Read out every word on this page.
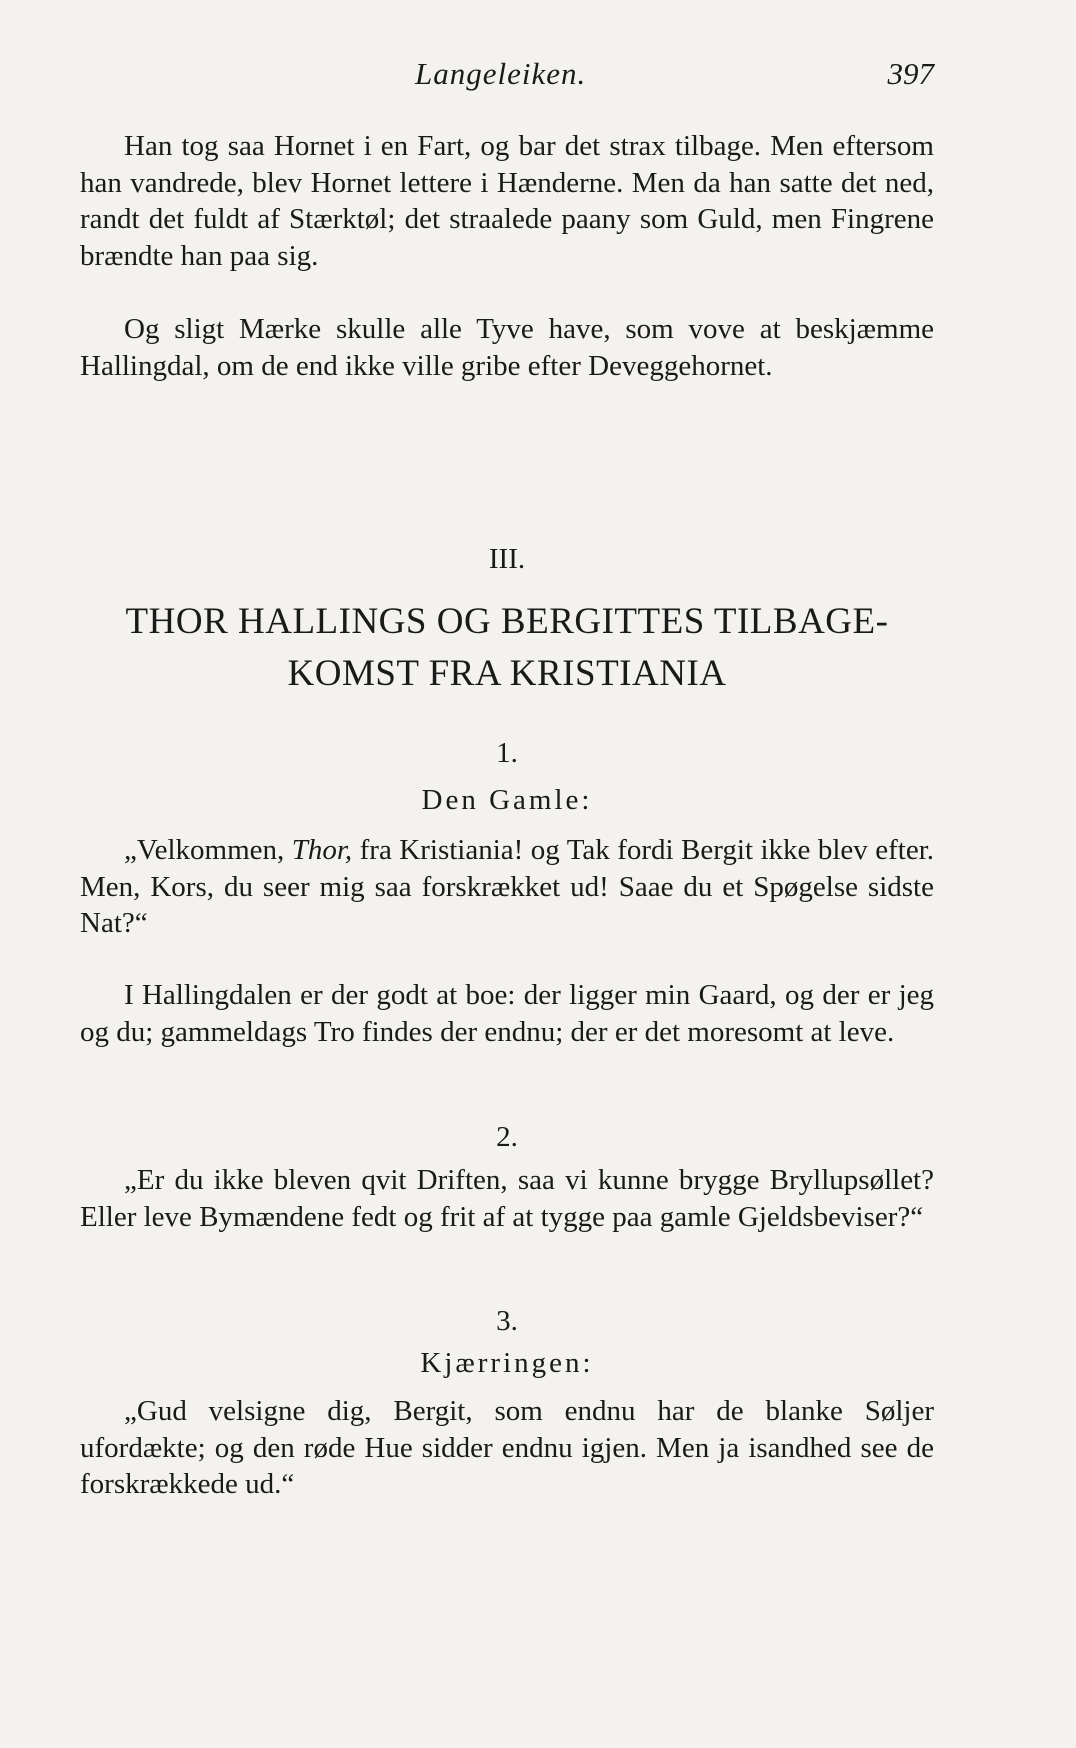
Langeleiken.	397

Han tog saa Hornet i en Fart, og bar det strax tilbage. Men eftersom han vandrede, blev Hornet lettere i Hænderne. Men da han satte det ned, randt det fuldt af Stærktøl; det straalede paany som Guld, men Fingrene brændte han paa sig.

Og sligt Mærke skulle alle Tyve have, som vove at beskjæmme Hallingdal, om de end ikke ville gribe efter Deveggehornet.

III.

THOR HALLINGS OG BERGITTES TILBAGE-
KOMST FRA KRISTIANIA

1.

Den Gamle:

„Velkommen, Thor, fra Kristiania! og Tak fordi Bergit ikke blev efter. Men, Kors, du seer mig saa forskrækket ud! Saae du et Spøgelse sidste Nat?“

I Hallingdalen er der godt at boe: der ligger min Gaard, og der er jeg og du; gammeldags Tro findes der endnu; der er det moresomt at leve.

2.

„Er du ikke bleven qvit Driften, saa vi kunne brygge Bryllupsøllet? Eller leve Bymændene fedt og frit af at tygge paa gamle Gjeldsbeviser?“

3.

Kjærringen:

„Gud velsigne dig, Bergit, som endnu har de blanke Søljer ufordækte; og den røde Hue sidder endnu igjen. Men ja isandhed see de forskrækkede ud.“
